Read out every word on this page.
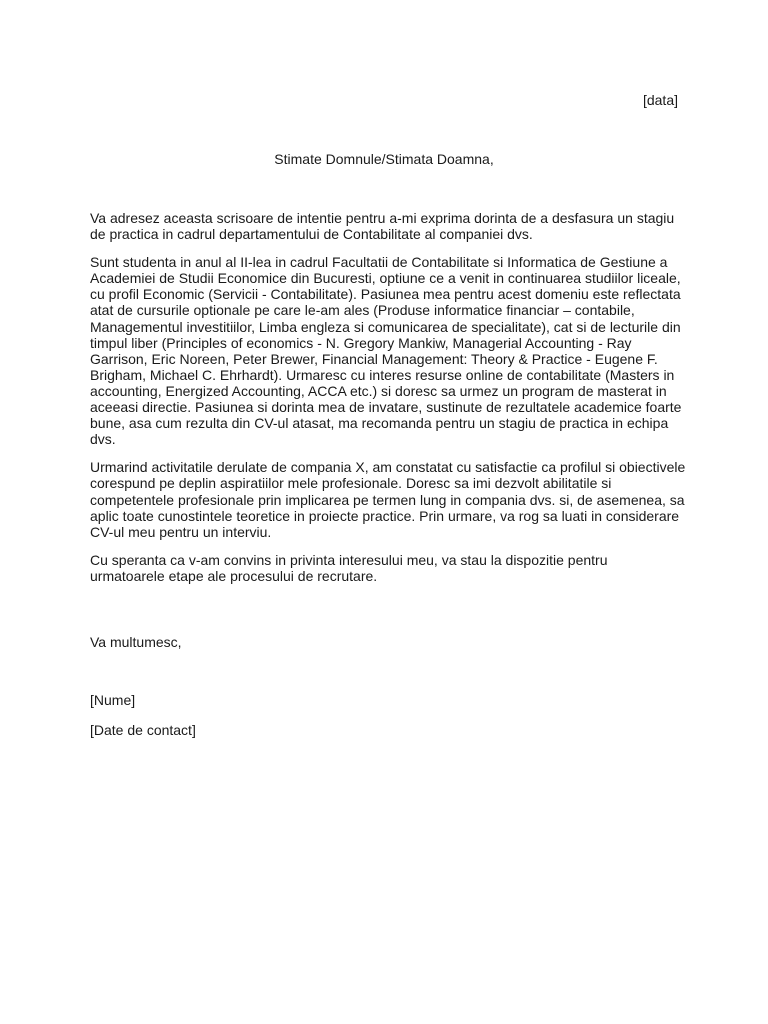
[data]
Stimate Domnule/Stimata Doamna,

Va adresez aceasta scrisoare de intentie pentru a-mi exprima dorinta de a desfasura un stagiu
de practica in cadrul departamentului de Contabilitate al companiei dvs.

Sunt studenta in anul al II-lea in cadrul Facultatii de Contabilitate si Informatica de Gestiune a
Academiei de Studii Economice din Bucuresti, optiune ce a venit in continuarea studiilor liceale,
cu profil Economic (Servicii - Contabilitate). Pasiunea mea pentru acest domeniu este reflectata
atat de cursurile optionale pe care le-am ales (Produse informatice financiar – contabile,
Managementul investitiilor, Limba engleza si comunicarea de specialitate), cat si de lecturile din
timpul liber (Principles of economics - N. Gregory Mankiw, Managerial Accounting - Ray
Garrison, Eric Noreen, Peter Brewer, Financial Management: Theory & Practice - Eugene F.
Brigham, Michael C. Ehrhardt). Urmaresc cu interes resurse online de contabilitate (Masters in
accounting, Energized Accounting, ACCA etc.) si doresc sa urmez un program de masterat in
aceeasi directie. Pasiunea si dorinta mea de invatare, sustinute de rezultatele academice foarte
bune, asa cum rezulta din CV-ul atasat, ma recomanda pentru un stagiu de practica in echipa
dvs.

Urmarind activitatile derulate de compania X, am constatat cu satisfactie ca profilul si obiectivele
corespund pe deplin aspiratiilor mele profesionale. Doresc sa imi dezvolt abilitatile si
competentele profesionale prin implicarea pe termen lung in compania dvs. si, de asemenea, sa
aplic toate cunostintele teoretice in proiecte practice. Prin urmare, va rog sa luati in considerare
CV-ul meu pentru un interviu.

Cu speranta ca v-am convins in privinta interesului meu, va stau la dispozitie pentru
urmatoarele etape ale procesului de recrutare.

Va multumesc,
[Nume]
[Date de contact]
